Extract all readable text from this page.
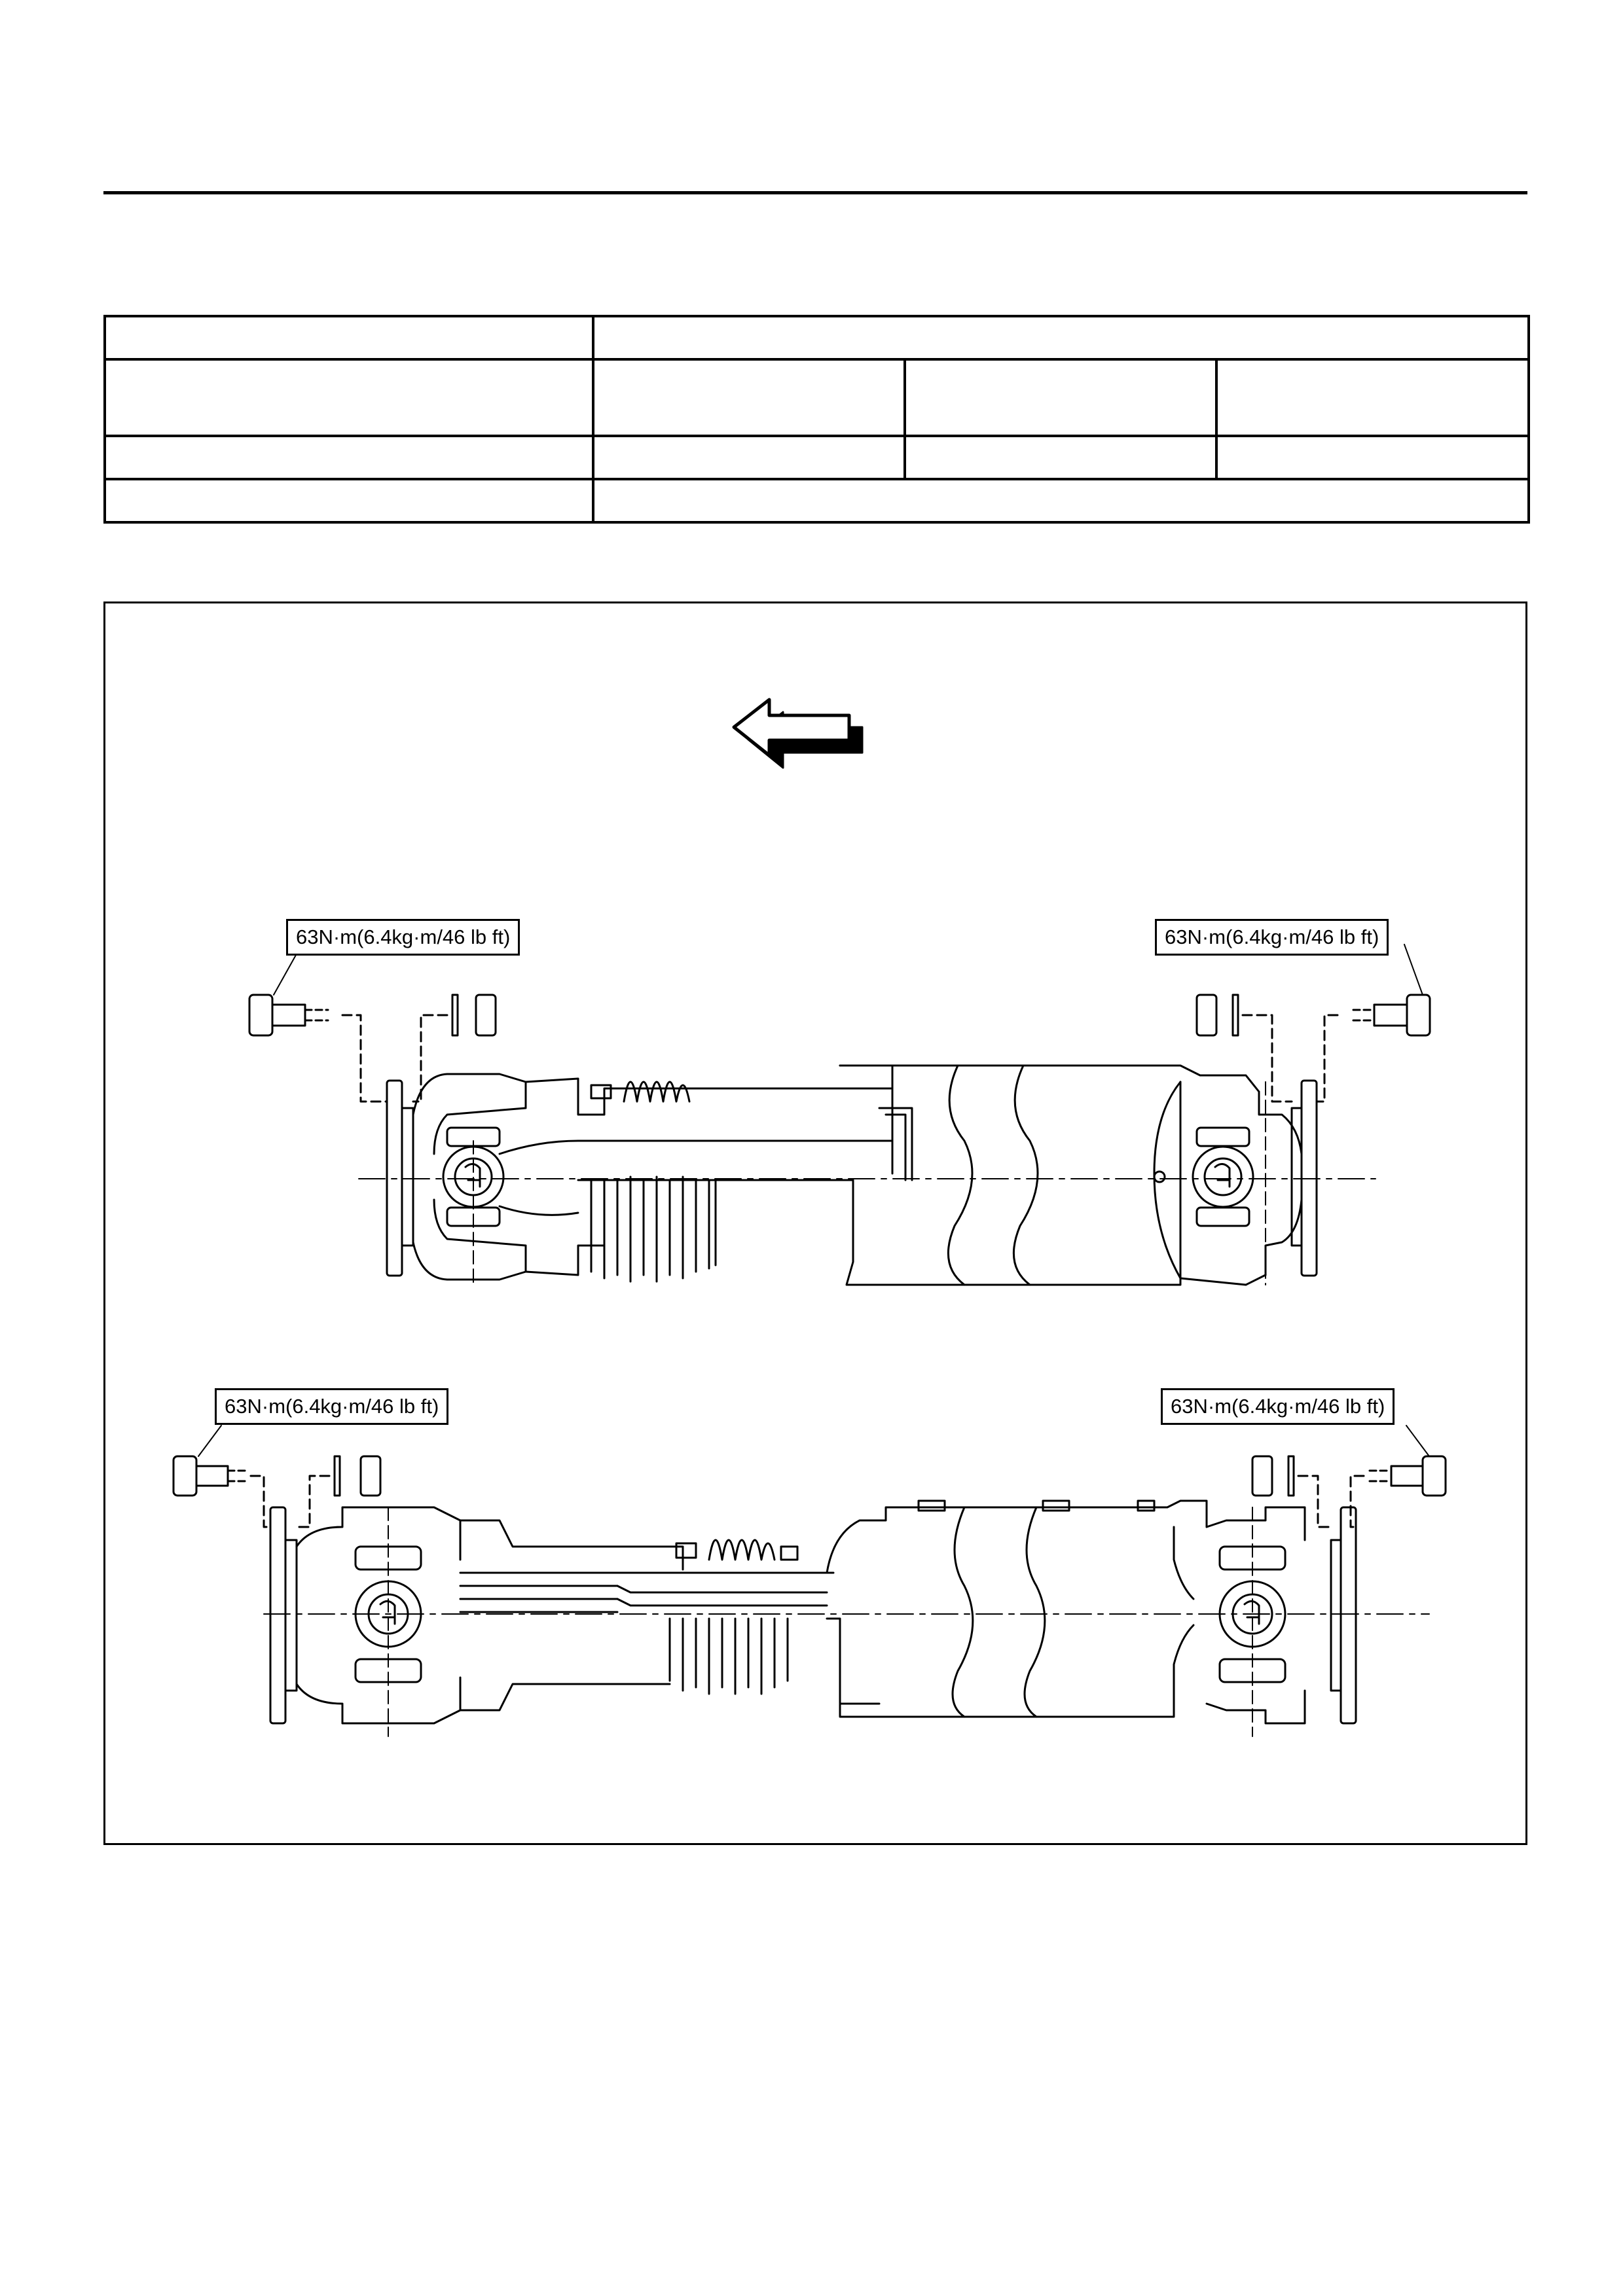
63N·m(6.4kg·m/46 lb ft)	63N·m(6.4kg·m/46 lb ft)
63N·m(6.4kg·m/46 lb ft)	63N·m(6.4kg·m/46 lb ft)
